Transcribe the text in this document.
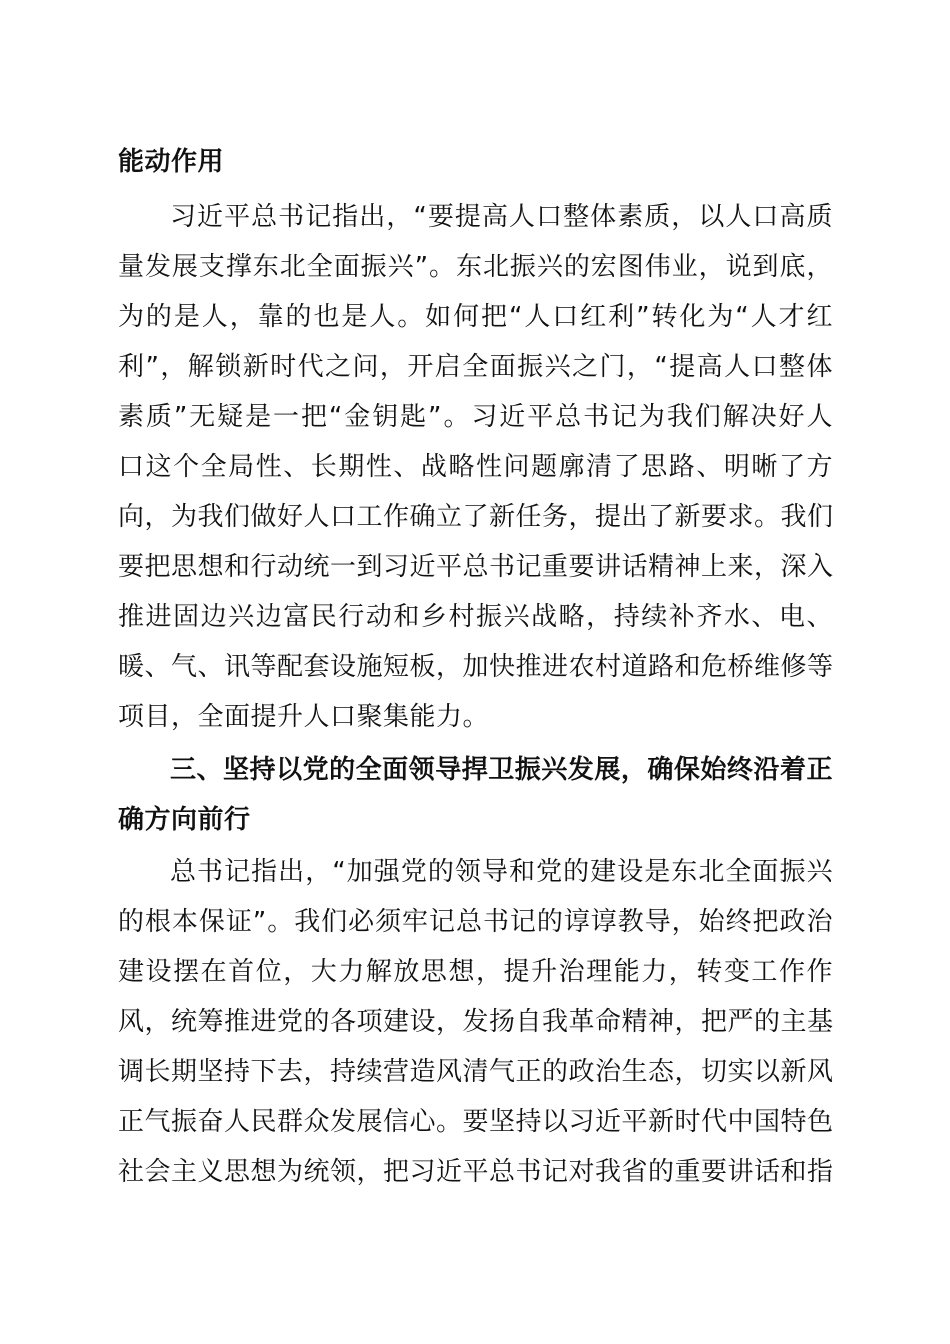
能动作用
习近平总书记指出，“要提高人口整体素质，以人口高质
量发展支撑东北全面振兴”。东北振兴的宏图伟业，说到底，
为的是人，靠的也是人。如何把“人口红利”转化为“人才红
利”，解锁新时代之问，开启全面振兴之门，“提高人口整体
素质”无疑是一把“金钥匙”。习近平总书记为我们解决好人
口这个全局性、长期性、战略性问题廓清了思路、明晰了方
向，为我们做好人口工作确立了新任务，提出了新要求。我们
要把思想和行动统一到习近平总书记重要讲话精神上来，深入
推进固边兴边富民行动和乡村振兴战略，持续补齐水、电、
暖、气、讯等配套设施短板，加快推进农村道路和危桥维修等
项目，全面提升人口聚集能力。
三、坚持以党的全面领导捍卫振兴发展，确保始终沿着正
确方向前行
总书记指出，“加强党的领导和党的建设是东北全面振兴
的根本保证”。我们必须牢记总书记的谆谆教导，始终把政治
建设摆在首位，大力解放思想，提升治理能力，转变工作作
风，统筹推进党的各项建设，发扬自我革命精神，把严的主基
调长期坚持下去，持续营造风清气正的政治生态，切实以新风
正气振奋人民群众发展信心。要坚持以习近平新时代中国特色
社会主义思想为统领，把习近平总书记对我省的重要讲话和指
